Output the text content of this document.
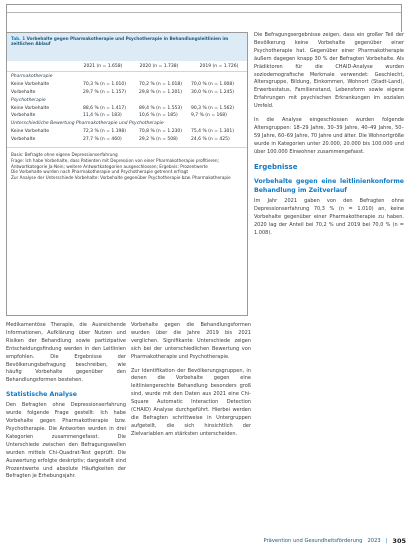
Tab. 1 Vorbehalte gegen Pharmakotherapie und Psychotherapie in Behandlungsleitlinien im zeitlichen Ablauf
2021 (n = 1.658)	2020 (n = 1.738)	2019 (n = 1.726)
Pharmakotherapie
Keine Vorbehalte	70,3 % (n = 1.010)	70,2 % (n = 1.018)	70,0 % (n = 1.008)
Vorbehalte	29,7 % (n = 1.157)	29,8 % (n = 1.201)	30,0 % (n = 1.245)
Psychotherapie
Keine Vorbehalte	88,6 % (n = 1.417)	89,4 % (n = 1.553)	90,3 % (n = 1.562)
Vorbehalte	11,4 % (n = 183)	10,6 % (n = 185)	9,7 % (n = 168)
Unterschiedliche Bewertung Pharmakotherapie und Psychotherapie
Keine Vorbehalte	72,3 % (n = 1.198)	70,8 % (n = 1.230)	75,4 % (n = 1.301)
Vorbehalte	27,7 % (n = 460)	29,2 % (n = 508)	24,6 % (n = 425)
Basis: Befragte ohne eigene Depressionserfahrung
Frage: Ich habe Vorbehalte, dass Patienten mit Depression von einer Pharmakotherapie profitieren; Antwortkategorie Ja-Nein; weitere Antwortkategorien ausgeschlossen; Ergebnis: Prozentwerte
Die Vorbehalte wurden nach Pharmakotherapie und Psychotherapie getrennt erfragt
Zur Analyse der Unterschiede Vorbehalte: Vorbehalte gegenüber Psychotherapie bzw. Pharmakotherapie

Medikamentöse Therapie, die Ausreichende Informationen, Aufklärung über Nutzen und Risiken der Behandlung sowie partizipative Entscheidungsfindung werden in den Leitlinien empfohlen. Die Ergebnisse der Bevölkerungsbefragung beschreiben, wie häufig Vorbehalte gegenüber den Behandlungsformen bestehen.

Statistische Analyse

Den Befragten ohne Depressionserfahrung wurde folgende Frage gestellt: Ich habe Vorbehalte gegen Pharmakotherapie bzw. Psychotherapie. Die Antworten wurden in drei Kategorien zusammengefasst. Die Unterschiede zwischen den Befragungswellen wurden mittels Chi-Quadrat-Test geprüft. Die Auswertung erfolgte deskriptiv; dargestellt sind Prozentwerte und absolute Häufigkeiten der Befragten je Erhebungsjahr.

Vorbehalte gegen die Behandlungsformen wurden über die Jahre 2019 bis 2021 verglichen. Signifikante Unterschiede zeigen sich bei der unterschiedlichen Bewertung von Pharmakotherapie und Psychotherapie.

Zur Identifikation der Bevölkerungsgruppen, in denen die Vorbehalte gegen eine leitliniengerechte Behandlung besonders groß sind, wurde mit den Daten aus 2021 eine Chi-Square Automatic Interaction Detection (CHAID) Analyse durchgeführt. Hierbei werden die Befragten schrittweise in Untergruppen aufgeteilt, die sich hinsichtlich der Zielvariablen am stärksten unterscheiden.

Die Befragungsergebnisse zeigen, dass ein großer Teil der Bevölkerung keine Vorbehalte gegenüber einer Psychotherapie hat. Gegenüber einer Pharmakotherapie äußern dagegen knapp 30 % der Befragten Vorbehalte. Als Prädiktoren für die CHAID-Analyse wurden soziodemografische Merkmale verwendet: Geschlecht, Altersgruppe, Bildung, Einkommen, Wohnort (Stadt-Land), Erwerbsstatus, Familienstand, Lebensform sowie eigene Erfahrungen mit psychischen Erkrankungen im sozialen Umfeld.

In die Analyse eingeschlossen wurden folgende Altersgruppen: 18–29 Jahre, 30–39 Jahre, 40–49 Jahre, 50–59 Jahre, 60–69 Jahre, 70 Jahre und älter. Die Wohnortgröße wurde in Kategorien unter 20.000, 20.000 bis 100.000 und über 100.000 Einwohner zusammengefasst.

Ergebnisse
Vorbehalte gegen eine leitlinienkonforme Behandlung im Zeitverlauf

Im Jahr 2021 gaben von den Befragten ohne Depressionserfahrung 70,3 % (n = 1.010) an, keine Vorbehalte gegenüber einer Pharmakotherapie zu haben. 2020 lag der Anteil bei 70,2 % und 2019 bei 70,0 % (n = 1.008).

Prävention und Gesundheitsförderung 2023 | 305
